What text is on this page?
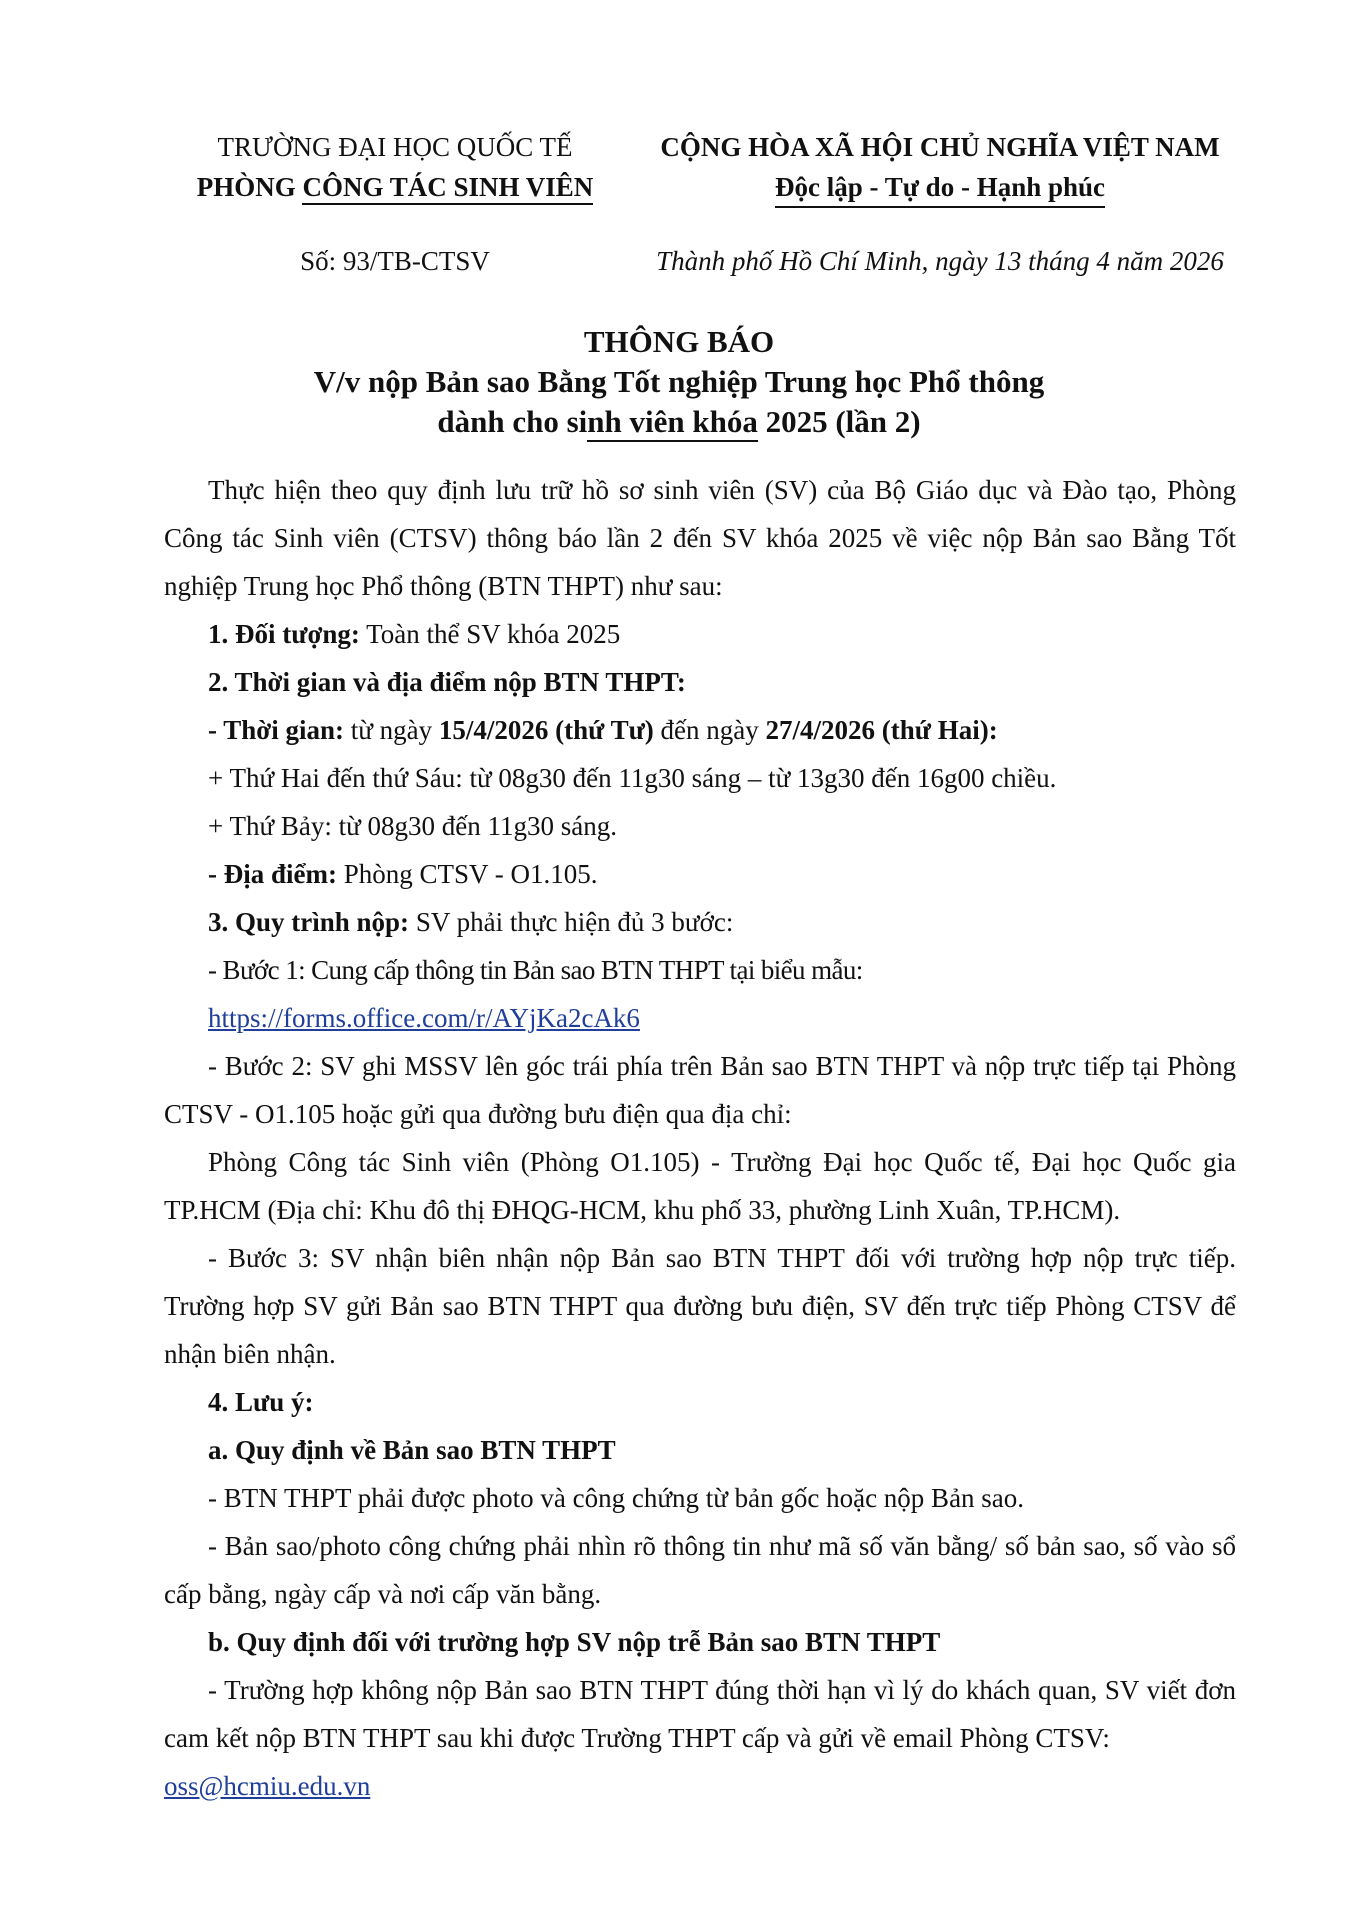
TRƯỜNG ĐẠI HỌC QUỐC TẾ
PHÒNG CÔNG TÁC SINH VIÊN
CỘNG HÒA XÃ HỘI CHỦ NGHĨA VIỆT NAM
Độc lập - Tự do - Hạnh phúc
Số: 93/TB-CTSV	Thành phố Hồ Chí Minh, ngày 13 tháng 4 năm 2026
THÔNG BÁO
V/v nộp Bản sao Bằng Tốt nghiệp Trung học Phổ thông
dành cho sinh viên khóa 2025 (lần 2)

Thực hiện theo quy định lưu trữ hồ sơ sinh viên (SV) của Bộ Giáo dục và Đào tạo, Phòng Công tác Sinh viên (CTSV) thông báo lần 2 đến SV khóa 2025 về việc nộp Bản sao Bằng Tốt nghiệp Trung học Phổ thông (BTN THPT) như sau:

1. Đối tượng: Toàn thể SV khóa 2025

2. Thời gian và địa điểm nộp BTN THPT:

- Thời gian: từ ngày 15/4/2026 (thứ Tư) đến ngày 27/4/2026 (thứ Hai):

+ Thứ Hai đến thứ Sáu: từ 08g30 đến 11g30 sáng – từ 13g30 đến 16g00 chiều.

+ Thứ Bảy: từ 08g30 đến 11g30 sáng.

- Địa điểm: Phòng CTSV - O1.105.

3. Quy trình nộp: SV phải thực hiện đủ 3 bước:

- Bước 1: Cung cấp thông tin Bản sao BTN THPT tại biểu mẫu:

https://forms.office.com/r/AYjKa2cAk6

- Bước 2: SV ghi MSSV lên góc trái phía trên Bản sao BTN THPT và nộp trực tiếp tại Phòng CTSV - O1.105 hoặc gửi qua đường bưu điện qua địa chỉ:

Phòng Công tác Sinh viên (Phòng O1.105) - Trường Đại học Quốc tế, Đại học Quốc gia TP.HCM (Địa chỉ: Khu đô thị ĐHQG-HCM, khu phố 33, phường Linh Xuân, TP.HCM).

- Bước 3: SV nhận biên nhận nộp Bản sao BTN THPT đối với trường hợp nộp trực tiếp. Trường hợp SV gửi Bản sao BTN THPT qua đường bưu điện, SV đến trực tiếp Phòng CTSV để nhận biên nhận.

4. Lưu ý:

a. Quy định về Bản sao BTN THPT

- BTN THPT phải được photo và công chứng từ bản gốc hoặc nộp Bản sao.

- Bản sao/photo công chứng phải nhìn rõ thông tin như mã số văn bằng/ số bản sao, số vào sổ cấp bằng, ngày cấp và nơi cấp văn bằng.

b. Quy định đối với trường hợp SV nộp trễ Bản sao BTN THPT

- Trường hợp không nộp Bản sao BTN THPT đúng thời hạn vì lý do khách quan, SV viết đơn cam kết nộp BTN THPT sau khi được Trường THPT cấp và gửi về email Phòng CTSV:

oss@hcmiu.edu.vn
